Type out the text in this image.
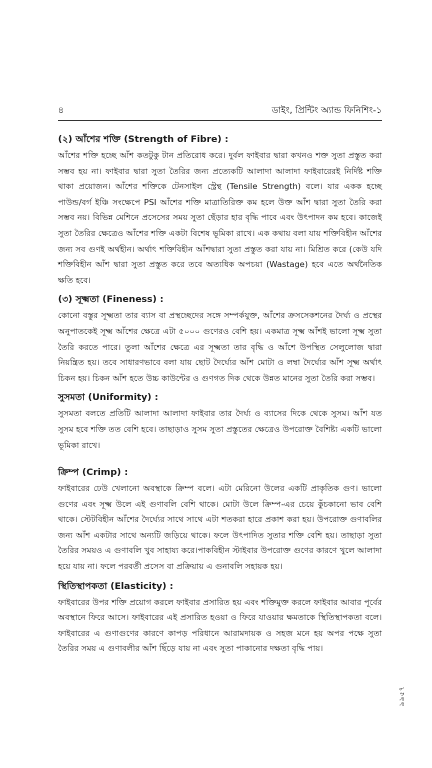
৪	ডাইং, প্রিন্টিং অ্যান্ড ফিনিশিং-১

(২) আঁশের শক্তি (Strength of Fibre) :

আঁশের শক্তি হচ্ছে আঁশ কতটুকু টান প্রতিরোধ করে। দুর্বল ফাইবার দ্বারা কখনও শক্ত সুতা প্রস্তুত করা সম্ভব হয় না। ফাইবার দ্বারা সুতা তৈরির জন্য প্রত্যেকটি আলাদা আলাদা ফাইবারেরই নির্দিষ্ট শক্তি থাকা প্রয়োজন। আঁশের শক্তিকে টেনসাইল স্ট্রেন্থ (Tensile Strength) বলে। যার একক হচ্ছে পাউন্ড/বর্গ ইঞ্চি সংক্ষেপে PSI আঁশের শক্তি মাত্রাতিরিক্ত কম হলে উক্ত আঁশ দ্বারা সুতা তৈরি করা সম্ভব নয়। বিভিন্ন মেশিনে প্রসেসের সময় সুতা ছেঁড়ার হার বৃদ্ধি পাবে এবং উৎপাদন কম হবে। কাজেই সুতা তৈরির ক্ষেত্রেও আঁশের শক্তি একটা বিশেষ ভূমিকা রাখে। এক কথায় বলা যায় শক্তিবিহীন আঁশের জন্য সব গুণই অর্থহীন। অর্থাৎ শক্তিবিহীন আঁশদ্বারা সুতা প্রস্তুত করা যায় না। মিশ্রিত করে (কেউ যদি শক্তিবিহীন আঁশ দ্বারা সুতা প্রস্তুত করে তবে অত্যধিক অপচয়া (Wastage) হবে এতে অর্থনৈতিক ক্ষতি হবে।

(৩) সূক্ষ্মতা (Fineness) :

কোনো বস্তুর সূক্ষ্মতা তার ব্যাস বা প্রস্থচ্ছেদের সঙ্গে সম্পর্কযুক্ত, আঁশের ক্রসসেকশনের দৈর্ঘ্য ও প্রস্থের অনুপাতকেই সূক্ষ্ম আঁশের ক্ষেত্রে এটা ৫০০০ গুণেরও বেশি হয়। একমাত্র সূক্ষ্ম আঁশই ভালো সূক্ষ্ম সুতা তৈরি করতে পারে। তুলা আঁশের ক্ষেত্রে এর সূক্ষ্মতা তার বৃদ্ধি ও আঁশে উপস্থিত সেলুলোজ দ্বারা নিয়ন্ত্রিত হয়। তবে সাধারণভাবে বলা যায় ছোট দৈর্ঘ্যের আঁশ মোটা ও লম্বা দৈর্ঘ্যের আঁশ সূক্ষ্ম অর্থাৎ চিকন হয়। চিকন আঁশ হতে উচ্চ কাউন্টের ও গুণগত দিক থেকে উন্নত মানের সুতা তৈরি করা সম্ভব।

সুসমতা (Uniformity) :

সুসমতা বলতে প্রতিটি আলাদা আলাদা ফাইবার তার দৈর্ঘ্য ও ব্যাসের দিকে থেকে সুসম। আঁশ যত সুসম হবে শক্তি তত বেশি হবে। তাছাড়াও সুসম সুতা প্রস্তুতের ক্ষেত্রেও উপরোক্ত বৈশিষ্ট্য একটি ভালো ভূমিকা রাখে।

ক্রিম্প (Crimp) :

ফাইবারের ঢেউ খেলানো অবস্থাকে ক্রিম্প বলে। এটা মেরিনো উলের একটি প্রাকৃতিক গুণ। ভালো গুণের এবং সূক্ষ্ম উলে এই গুণাবলি বেশি থাকে। মোটা উলে ক্রিম্প-এর চেয়ে কুঁচকানো ভাব বেশি থাকে। স্টেটবিহীন আঁশের দৈর্ঘ্যের সাথে সাথে এটা শতকরা হারে প্রকাশ করা হয়। উপরোক্ত গুণাবলির জন্য আঁশ একটার সাথে অন্যটি জড়িয়ে থাকে। ফলে উৎপাদিত সুতার শক্তি বেশি হয়। তাছাড়া সুতা তৈরির সময়ও এ গুণাবলি খুব সাহায্য করে।পাকবিহীন স্টাইবার উপরোক্ত গুণের কারণে খুলে আলাদা হয়ে যায় না। ফলে পরবর্তী প্রসেস বা প্রক্রিয়ায় এ গুনাবলি সহায়ক হয়।

স্থিতিস্থাপকতা (Elasticity) :

ফাইবারের উপর শক্তি প্রয়োগ করলে ফাইবার প্রসারিত হয় এবং শক্তিমুক্ত করলে ফাইবার আবার পূর্বের অবস্থানে ফিরে আসে। ফাইবারের এই প্রসারিত হওয়া ও ফিরে যাওয়ার ক্ষমতাকে স্থিতিস্থাপকতা বলে। ফাইবারের এ গুণাগুণের কারণে কাপড় পরিধানে আরামদায়ক ও সহজ মনে হয় অপর পক্ষে সুতা তৈরির সময় এ গুণাবলীর আঁশ ছিঁড়ে যায় না এবং সুতা পাকানোর দক্ষতা বৃদ্ধি পায়।

৯৯৫৭
